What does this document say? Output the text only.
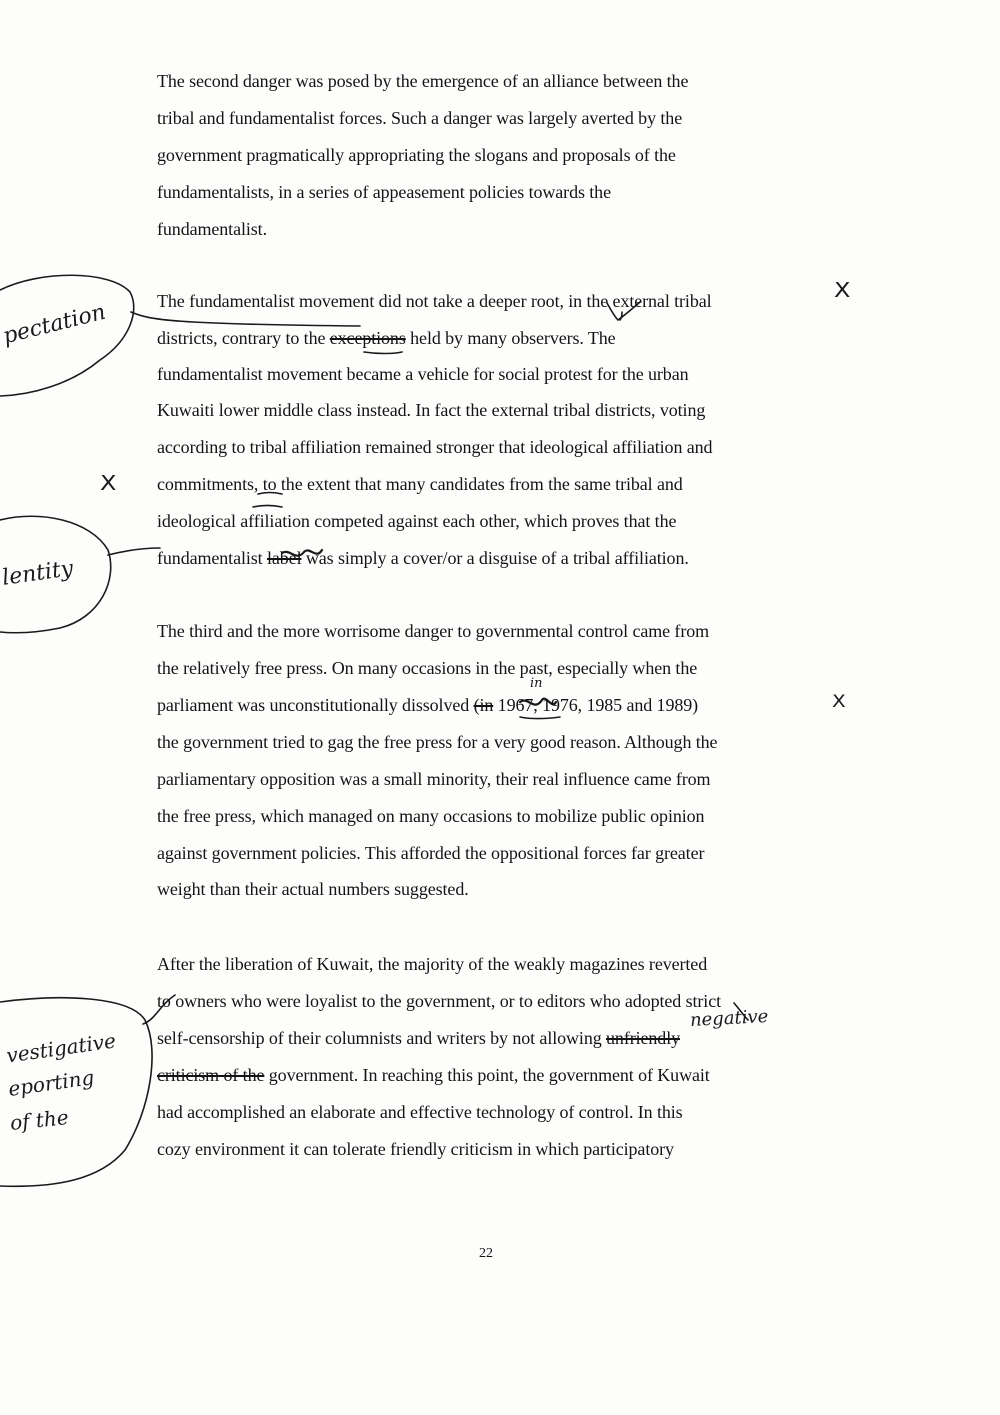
pectation
lentity
vestigative
eporting
of the
X
X
X
in
negative
The second danger was posed by the emergence of an alliance between the
tribal and fundamentalist forces. Such a danger was largely averted by the
government pragmatically appropriating the slogans and proposals of the
fundamentalists, in a series of appeasement policies towards the
fundamentalist.
The fundamentalist movement did not take a deeper root, in the external tribal
districts, contrary to the exceptions held by many observers. The
fundamentalist movement became a vehicle for social protest for the urban
Kuwaiti lower middle class instead. In fact the external tribal districts, voting
according to tribal affiliation remained stronger that ideological affiliation and
commitments, to the extent that many candidates from the same tribal and
ideological affiliation competed against each other, which proves that the
fundamentalist label was simply a cover/or a disguise of a tribal affiliation.
The third and the more worrisome danger to governmental control came from
the relatively free press. On many occasions in the past, especially when the
parliament was unconstitutionally dissolved (in 1967, 1976, 1985 and 1989)
the government tried to gag the free press for a very good reason. Although the
parliamentary opposition was a small minority, their real influence came from
the free press, which managed on many occasions to mobilize public opinion
against government policies. This afforded the oppositional forces far greater
weight than their actual numbers suggested.
After the liberation of Kuwait, the majority of the weakly magazines reverted
to owners who were loyalist to the government, or to editors who adopted strict
self-censorship of their columnists and writers by not allowing unfriendly
criticism of the government. In reaching this point, the government of Kuwait
had accomplished an elaborate and effective technology of control. In this
cozy environment it can tolerate friendly criticism in which participatory
22
